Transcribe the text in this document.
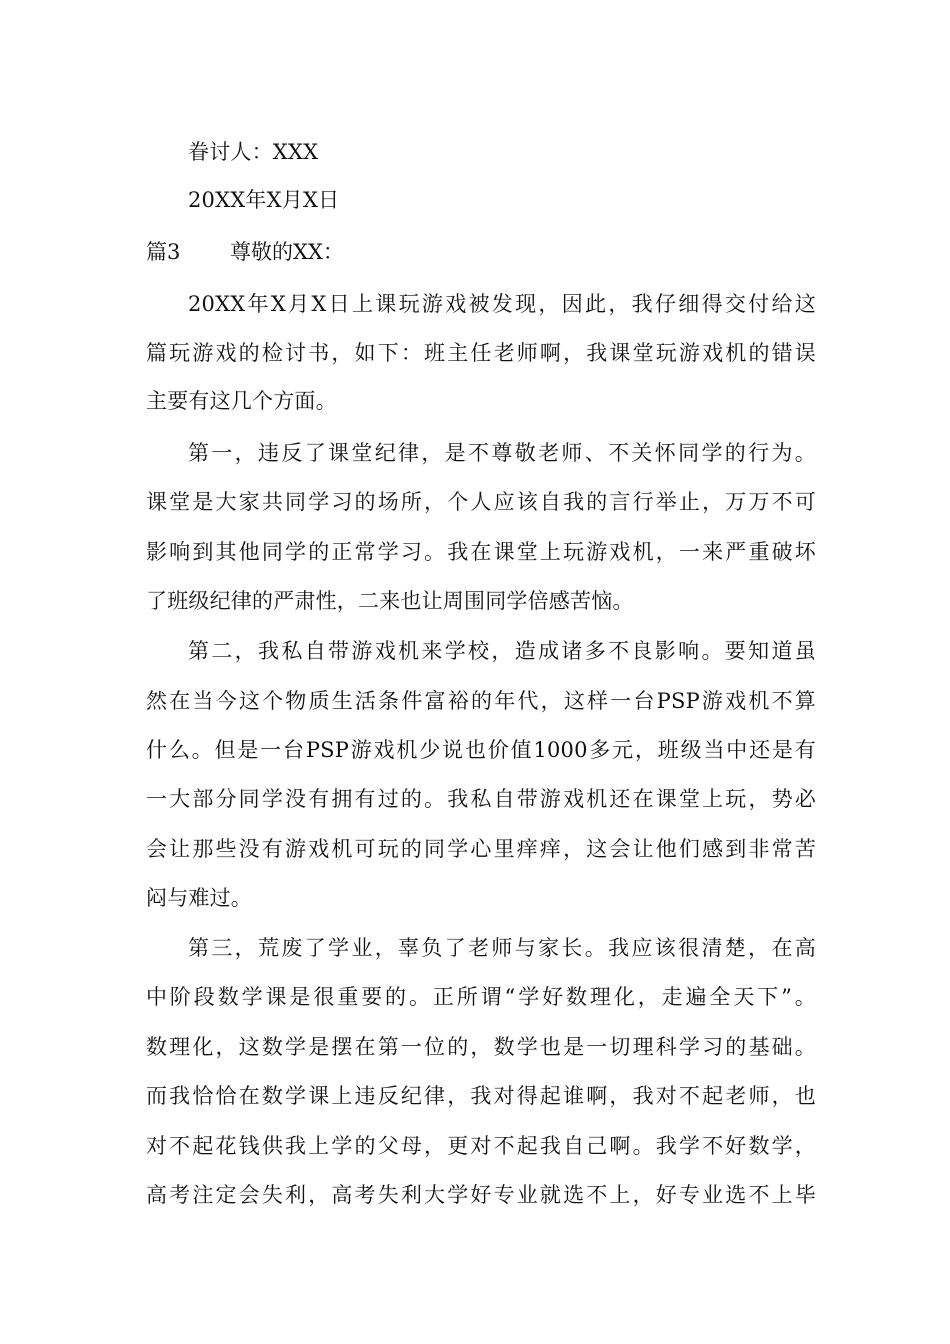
眷讨人：XXX
20XX年X月X日
篇3 尊敬的XX：
20XX年X月X日上课玩游戏被发现，因此，我仔细得交付给这
篇玩游戏的检讨书，如下：班主任老师啊，我课堂玩游戏机的错误
主要有这几个方面。
第一，违反了课堂纪律，是不尊敬老师、不关怀同学的行为。
课堂是大家共同学习的场所，个人应该自我的言行举止，万万不可
影响到其他同学的正常学习。我在课堂上玩游戏机，一来严重破坏
了班级纪律的严肃性，二来也让周围同学倍感苦恼。
第二，我私自带游戏机来学校，造成诸多不良影响。要知道虽
然在当今这个物质生活条件富裕的年代，这样一台PSP游戏机不算
什么。但是一台PSP游戏机少说也价值1000多元，班级当中还是有
一大部分同学没有拥有过的。我私自带游戏机还在课堂上玩，势必
会让那些没有游戏机可玩的同学心里痒痒，这会让他们感到非常苦
闷与难过。
第三，荒废了学业，辜负了老师与家长。我应该很清楚，在高
中阶段数学课是很重要的。正所谓“学好数理化，走遍全天下”。
数理化，这数学是摆在第一位的，数学也是一切理科学习的基础。
而我恰恰在数学课上违反纪律，我对得起谁啊，我对不起老师，也
对不起花钱供我上学的父母，更对不起我自己啊。我学不好数学，
高考注定会失利，高考失利大学好专业就选不上，好专业选不上毕
